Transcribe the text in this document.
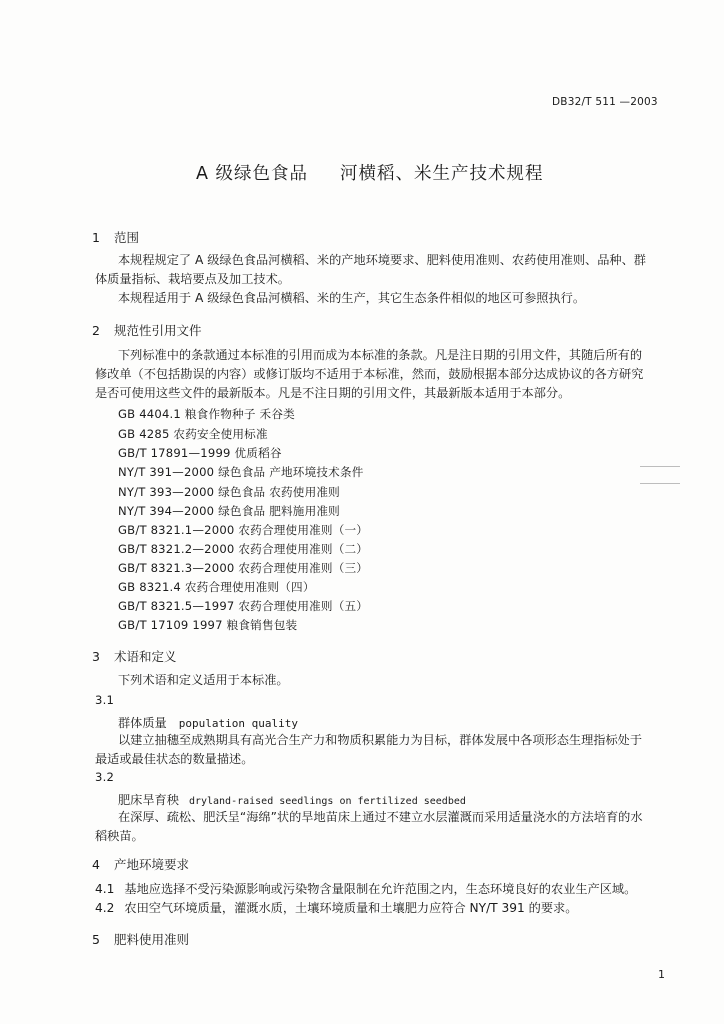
DB32/T 511 —2003
A 级绿色食品 河横稻、米生产技术规程
1 范围
本规程规定了 A 级绿色食品河横稻、米的产地环境要求、肥料使用准则、农药使用准则、品种、群
体质量指标、栽培要点及加工技术。
本规程适用于 A 级绿色食品河横稻、米的生产，其它生态条件相似的地区可参照执行。
2 规范性引用文件
下列标准中的条款通过本标准的引用而成为本标准的条款。凡是注日期的引用文件，其随后所有的
修改单（不包括勘误的内容）或修订版均不适用于本标准，然而，鼓励根据本部分达成协议的各方研究
是否可使用这些文件的最新版本。凡是不注日期的引用文件，其最新版本适用于本部分。
GB 4404.1 粮食作物种子 禾谷类
GB 4285 农药安全使用标准
GB/T 17891—1999 优质稻谷
NY/T 391—2000 绿色食品 产地环境技术条件
NY/T 393—2000 绿色食品 农药使用准则
NY/T 394—2000 绿色食品 肥料施用准则
GB/T 8321.1—2000 农药合理使用准则（一）
GB/T 8321.2—2000 农药合理使用准则（二）
GB/T 8321.3—2000 农药合理使用准则（三）
GB 8321.4 农药合理使用准则（四）
GB/T 8321.5—1997 农药合理使用准则（五）
GB/T 17109 1997 粮食销售包装
3 术语和定义
下列术语和定义适用于本标准。
3.1
群体质量 population quality
以建立抽穗至成熟期具有高光合生产力和物质积累能力为目标，群体发展中各项形态生理指标处于
最适或最佳状态的数量描述。
3.2
肥床旱育秧 dryland-raised seedlings on fertilized seedbed
在深厚、疏松、肥沃呈“海绵”状的旱地苗床上通过不建立水层灌溉而采用适量浇水的方法培育的水
稻秧苗。
4 产地环境要求
4.1 基地应选择不受污染源影响或污染物含量限制在允许范围之内，生态环境良好的农业生产区域。
4.2 农田空气环境质量，灌溉水质，土壤环境质量和土壤肥力应符合 NY/T 391 的要求。
5 肥料使用准则
1
